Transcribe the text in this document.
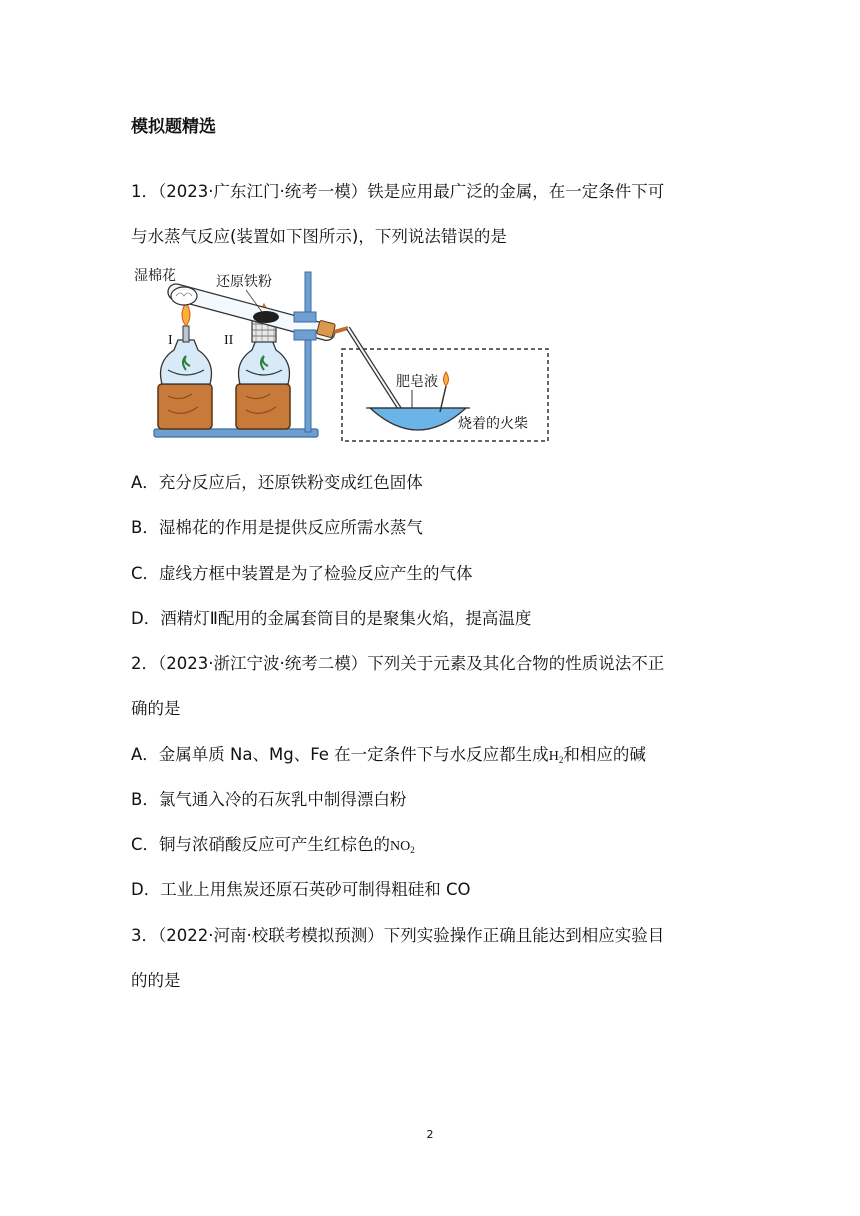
模拟题精选
1．（2023·广东江门·统考一模）铁是应用最广泛的金属，在一定条件下可
与水蒸气反应(装置如下图所示)，下列说法错误的是
湿棉花	还原铁粉
I	II
肥皂液
烧着的火柴
A．充分反应后，还原铁粉变成红色固体
B．湿棉花的作用是提供反应所需水蒸气
C．虚线方框中装置是为了检验反应产生的气体
D．酒精灯Ⅱ配用的金属套筒目的是聚集火焰，提高温度
2．（2023·浙江宁波·统考二模）下列关于元素及其化合物的性质说法不正
确的是
A．金属单质 Na、Mg、Fe 在一定条件下与水反应都生成H2和相应的碱
B．氯气通入冷的石灰乳中制得漂白粉
C．铜与浓硝酸反应可产生红棕色的NO2
D．工业上用焦炭还原石英砂可制得粗硅和 CO
3．（2022·河南·校联考模拟预测）下列实验操作正确且能达到相应实验目
的的是
2
